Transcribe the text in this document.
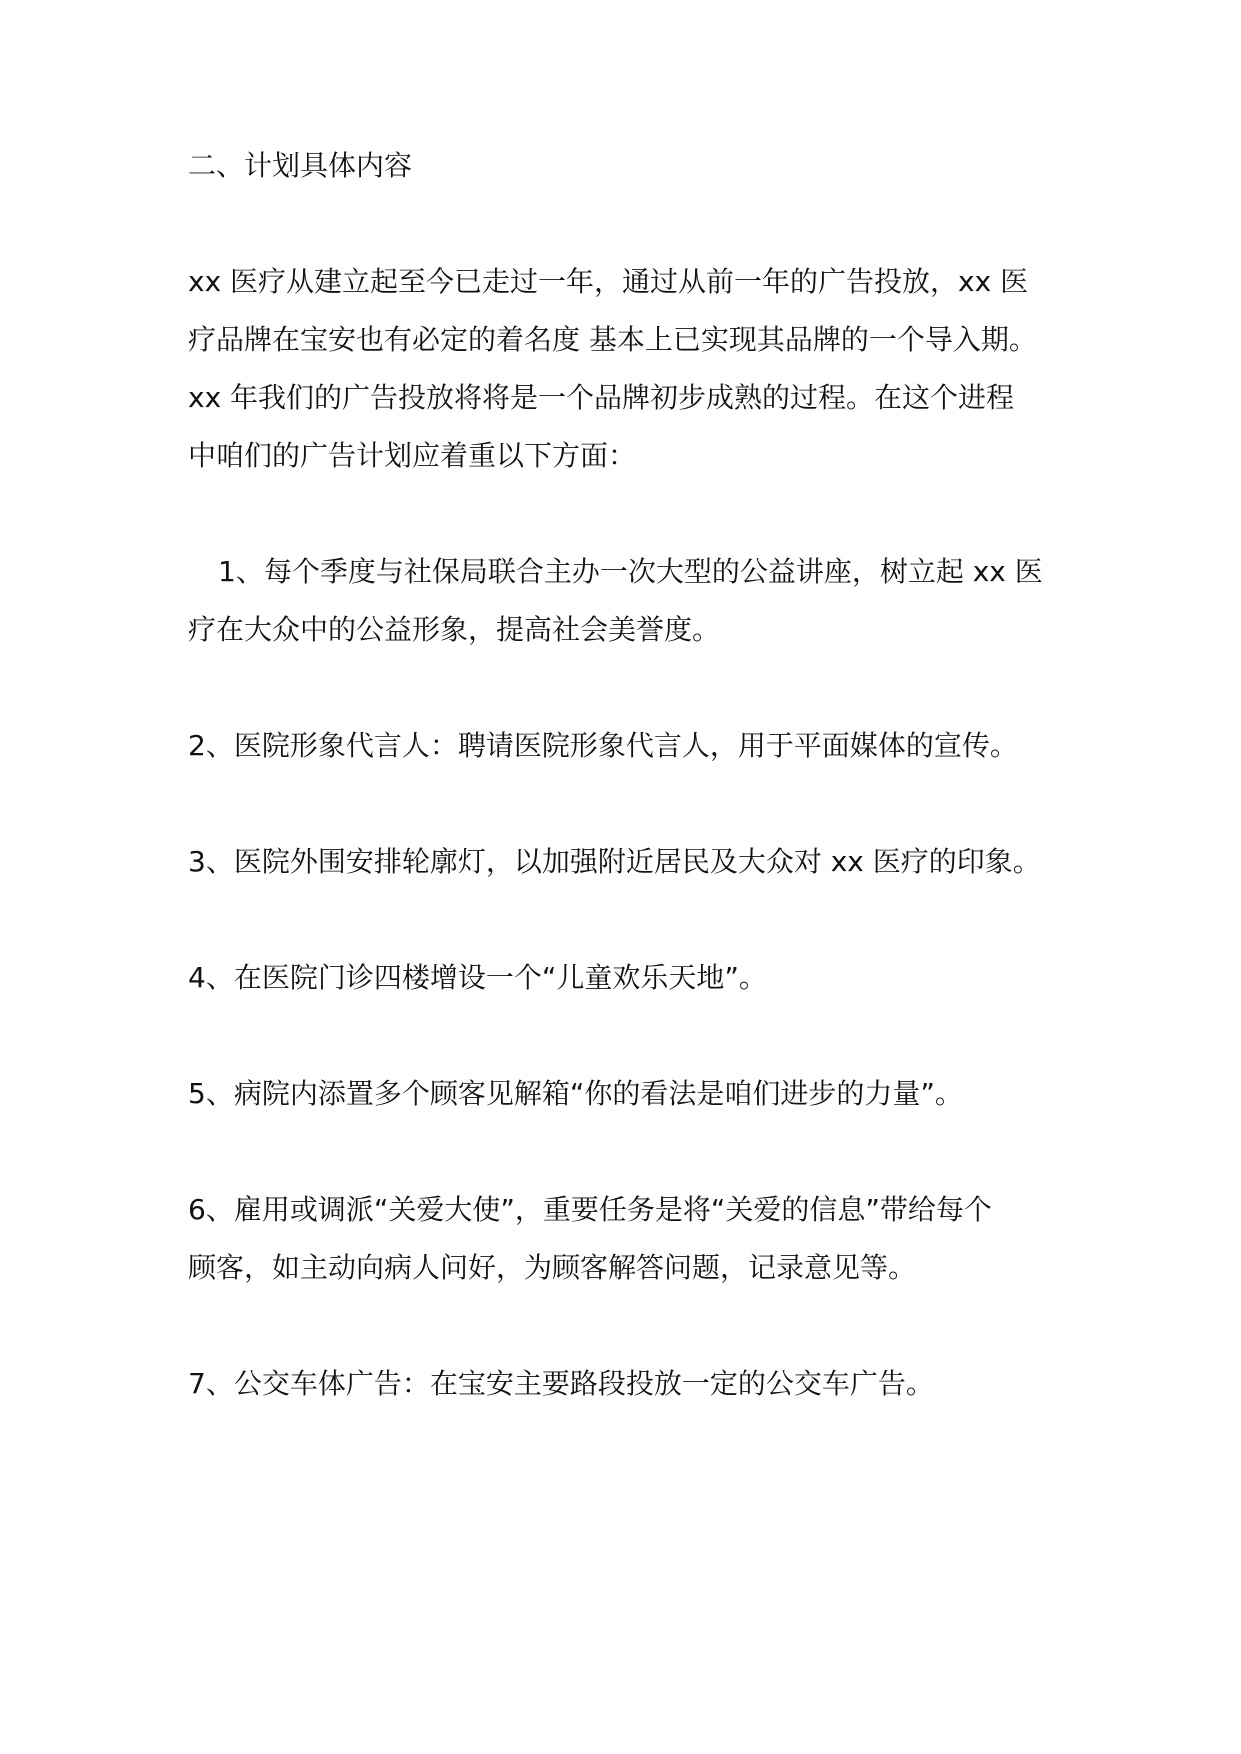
二、计划具体内容

xx 医疗从建立起至今已走过一年，通过从前一年的广告投放，xx 医

疗品牌在宝安也有必定的着名度 基本上已实现其品牌的一个导入期。

xx 年我们的广告投放将将是一个品牌初步成熟的过程。在这个进程

中咱们的广告计划应着重以下方面：

1、每个季度与社保局联合主办一次大型的公益讲座，树立起 xx 医

疗在大众中的公益形象，提高社会美誉度。

2、医院形象代言人：聘请医院形象代言人，用于平面媒体的宣传。

3、医院外围安排轮廓灯，以加强附近居民及大众对 xx 医疗的印象。

4、在医院门诊四楼增设一个“儿童欢乐天地”。

5、病院内添置多个顾客见解箱“你的看法是咱们进步的力量”。

6、雇用或调派“关爱大使”，重要任务是将“关爱的信息”带给每个

顾客，如主动向病人问好，为顾客解答问题，记录意见等。

7、公交车体广告：在宝安主要路段投放一定的公交车广告。
